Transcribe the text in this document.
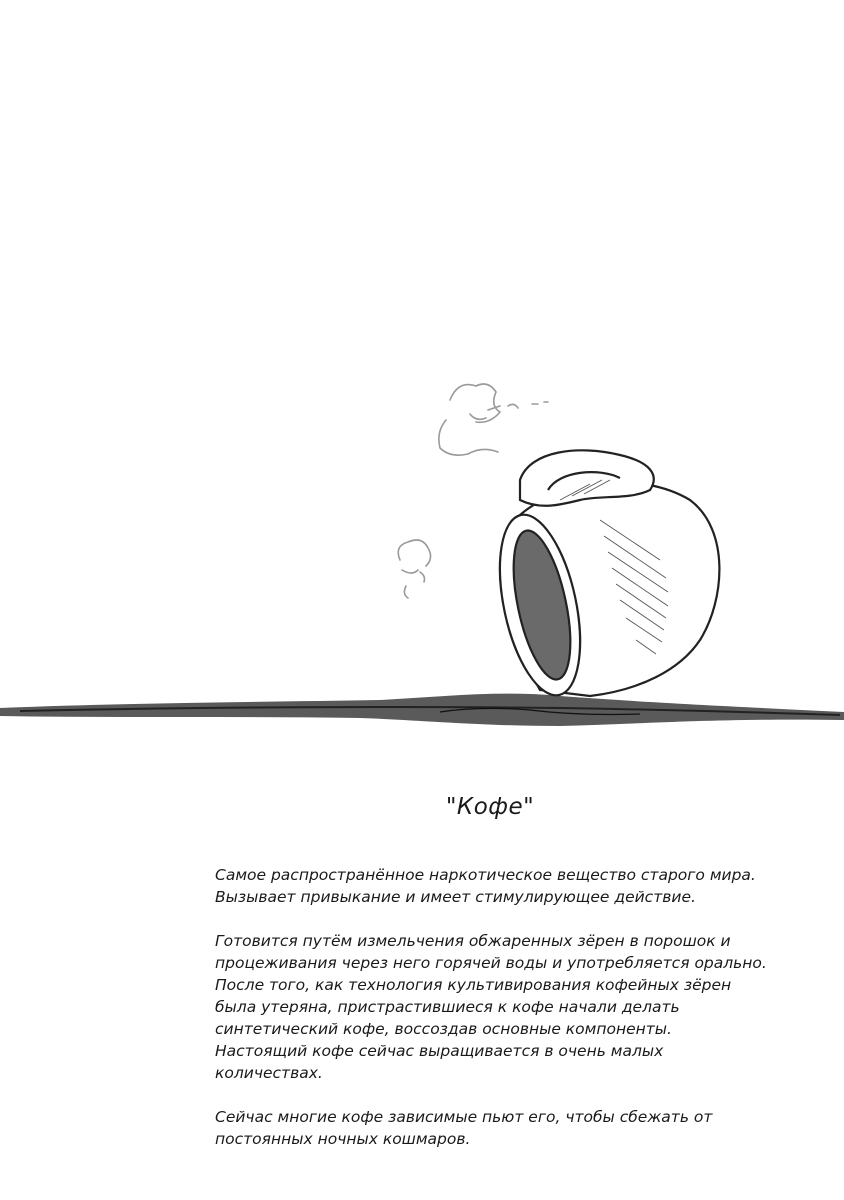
"Кофе"

Самое распространённое наркотическое вещество старого мира.
Вызывает привыкание и имеет стимулирующее действие.

Готовится путём измельчения обжаренных зёрен в порошок и
процеживания через него горячей воды и употребляется орально.
После того, как технология культивирования кофейных зёрен
была утеряна, пристрастившиеся к кофе начали делать
синтетический кофе, воссоздав основные компоненты.
Настоящий кофе сейчас выращивается в очень малых
количествах.

Сейчас многие кофе зависимые пьют его, чтобы сбежать от
постоянных ночных кошмаров.
